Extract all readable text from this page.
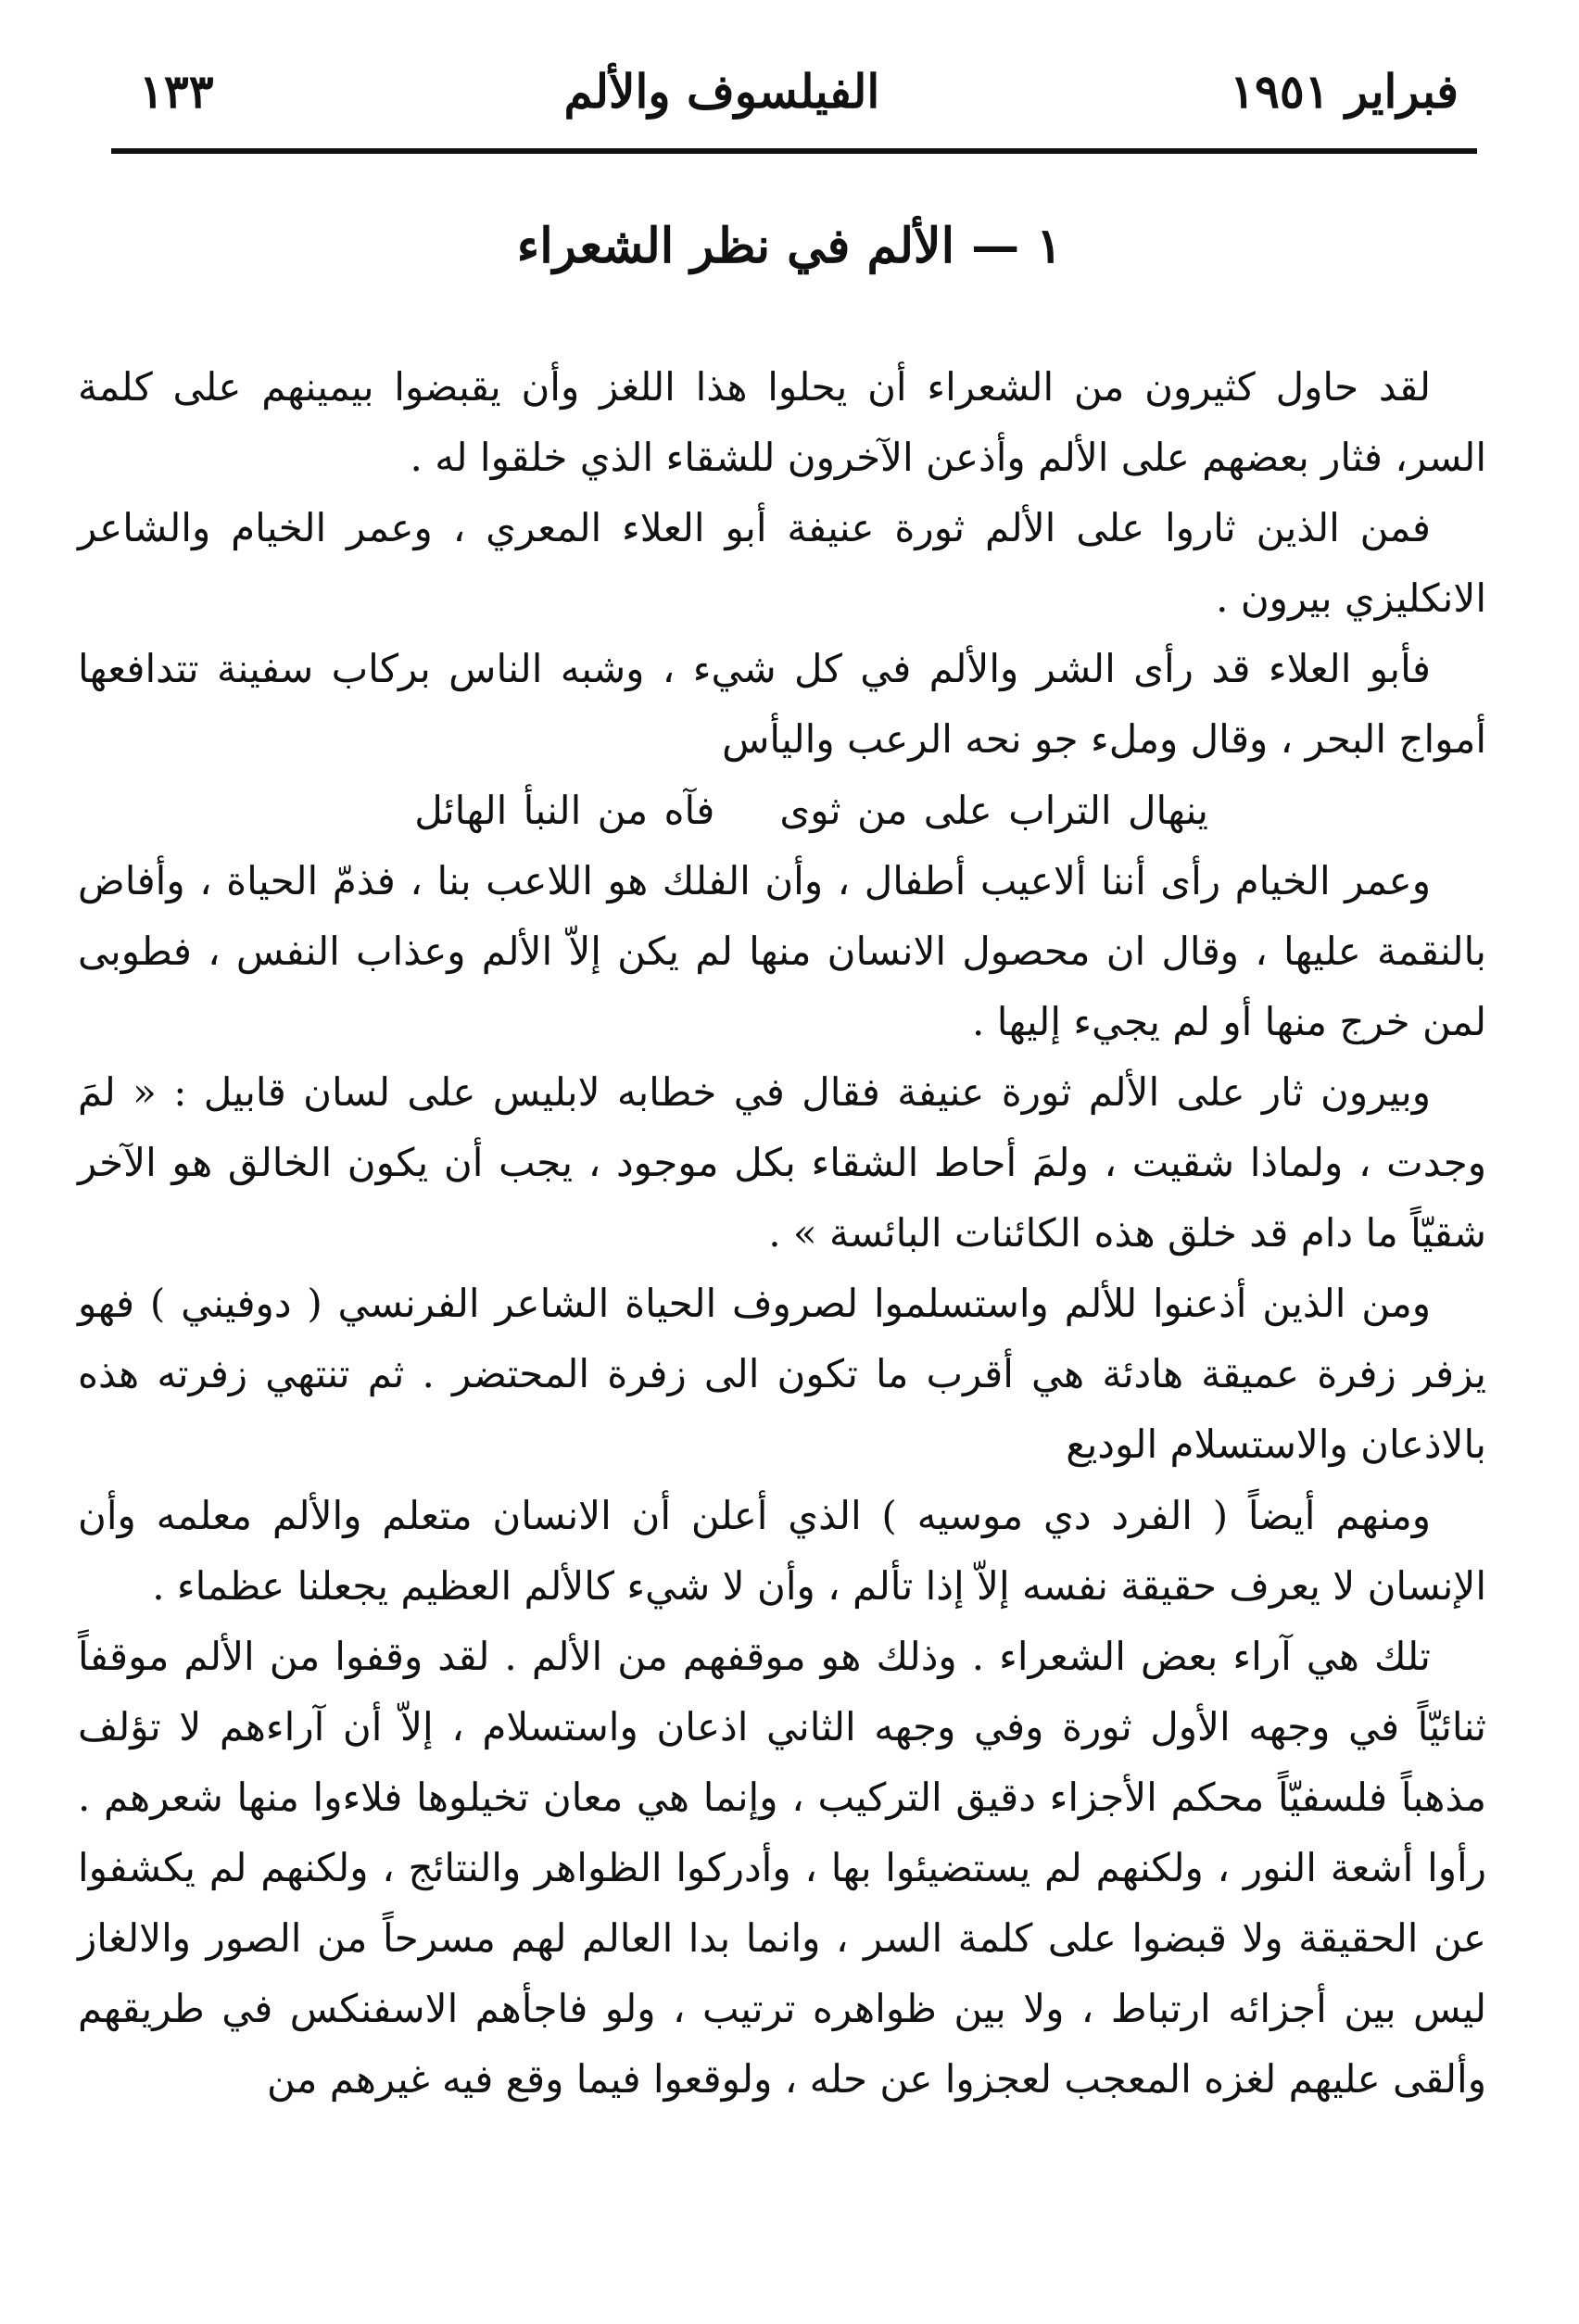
١٣٣	الفيلسوف والألم	فبراير ١٩٥١
١ — الألم في نظر الشعراء

لقد حاول كثيرون من الشعراء أن يحلوا هذا اللغز وأن يقبضوا بيمينهم على كلمة السر، فثار بعضهم على الألم وأذعن الآخرون للشقاء الذي خلقوا له .

فمن الذين ثاروا على الألم ثورة عنيفة أبو العلاء المعري ، وعمر الخيام والشاعر الانكليزي بيرون .

فأبو العلاء قد رأى الشر والألم في كل شيء ، وشبه الناس بركاب سفينة تتدافعها أمواج البحر ، وقال وملء جو نحه الرعب واليأس

ينهال التراب على من ثوىفآه من النبأ الهائل

وعمر الخيام رأى أننا ألاعيب أطفال ، وأن الفلك هو اللاعب بنا ، فذمّ الحياة ، وأفاض بالنقمة عليها ، وقال ان محصول الانسان منها لم يكن إلاّ الألم وعذاب النفس ، فطوبى لمن خرج منها أو لم يجيء إليها .

وبيرون ثار على الألم ثورة عنيفة فقال في خطابه لابليس على لسان قابيل : « لمَ وجدت ، ولماذا شقيت ، ولمَ أحاط الشقاء بكل موجود ، يجب أن يكون الخالق هو الآخر شقيّاً ما دام قد خلق هذه الكائنات البائسة » .

ومن الذين أذعنوا للألم واستسلموا لصروف الحياة الشاعر الفرنسي ( دوفيني ) فهو يزفر زفرة عميقة هادئة هي أقرب ما تكون الى زفرة المحتضر . ثم تنتهي زفرته هذه بالاذعان والاستسلام الوديع

ومنهم أيضاً ( الفرد دي موسيه ) الذي أعلن أن الانسان متعلم والألم معلمه وأن الإنسان لا يعرف حقيقة نفسه إلاّ إذا تألم ، وأن لا شيء كالألم العظيم يجعلنا عظماء .

تلك هي آراء بعض الشعراء . وذلك هو موقفهم من الألم . لقد وقفوا من الألم موقفاً ثنائيّاً في وجهه الأول ثورة وفي وجهه الثاني اذعان واستسلام ، إلاّ أن آراءهم لا تؤلف مذهباً فلسفيّاً محكم الأجزاء دقيق التركيب ، وإنما هي معان تخيلوها فلاءوا منها شعرهم . رأوا أشعة النور ، ولكنهم لم يستضيئوا بها ، وأدركوا الظواهر والنتائج ، ولكنهم لم يكشفوا عن الحقيقة ولا قبضوا على كلمة السر ، وانما بدا العالم لهم مسرحاً من الصور والالغاز ليس بين أجزائه ارتباط ، ولا بين ظواهره ترتيب ، ولو فاجأهم الاسفنكس في طريقهم وألقى عليهم لغزه المعجب لعجزوا عن حله ، ولوقعوا فيما وقع فيه غيرهم من
